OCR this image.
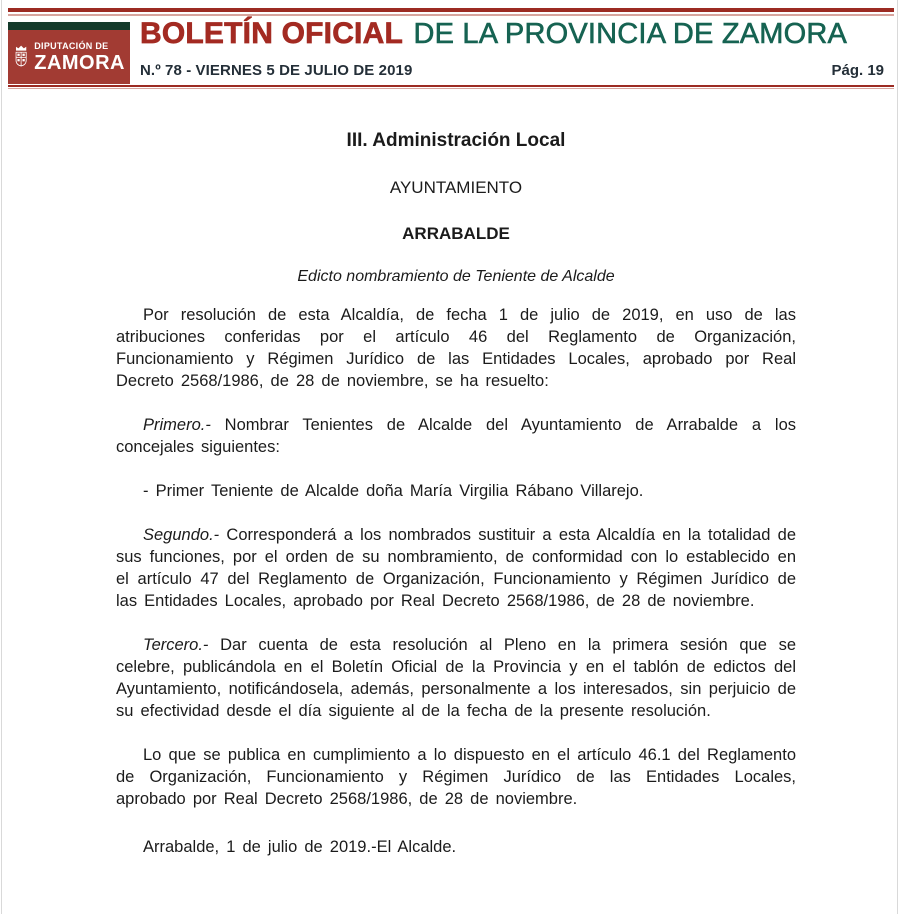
DIPUTACIÓN DE
ZAMORA
BOLETÍN OFICIAL DE LA PROVINCIA DE ZAMORA
N.º 78 - VIERNES 5 DE JULIO DE 2019	Pág. 19
III. Administración Local
AYUNTAMIENTO
ARRABALDE
Edicto nombramiento de Teniente de Alcalde

Por resolución de esta Alcaldía, de fecha 1 de julio de 2019, en uso de las atribuciones conferidas por el artículo 46 del Reglamento de Organización, Funcionamiento y Régimen Jurídico de las Entidades Locales, aprobado por Real Decreto 2568/1986, de 28 de noviembre, se ha resuelto:

Primero.- Nombrar Tenientes de Alcalde del Ayuntamiento de Arrabalde a los concejales siguientes:

- Primer Teniente de Alcalde doña María Virgilia Rábano Villarejo.

Segundo.- Corresponderá a los nombrados sustituir a esta Alcaldía en la totalidad de sus funciones, por el orden de su nombramiento, de conformidad con lo establecido en el artículo 47 del Reglamento de Organización, Funcionamiento y Régimen Jurídico de las Entidades Locales, aprobado por Real Decreto 2568/1986, de 28 de noviembre.

Tercero.- Dar cuenta de esta resolución al Pleno en la primera sesión que se celebre, publicándola en el Boletín Oficial de la Provincia y en el tablón de edictos del Ayuntamiento, notificándosela, además, personalmente a los interesados, sin perjuicio de su efectividad desde el día siguiente al de la fecha de la presente resolución.

Lo que se publica en cumplimiento a lo dispuesto en el artículo 46.1 del Reglamento de Organización, Funcionamiento y Régimen Jurídico de las Entidades Locales, aprobado por Real Decreto 2568/1986, de 28 de noviembre.

Arrabalde, 1 de julio de 2019.-El Alcalde.
